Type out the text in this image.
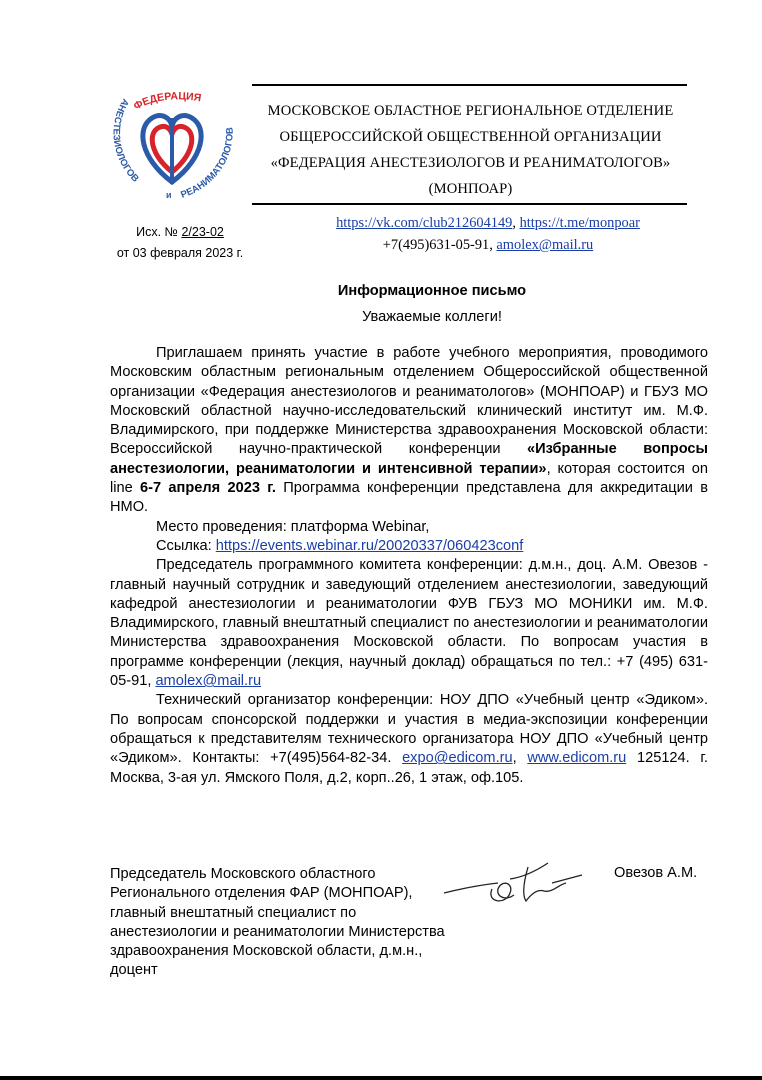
ФЕДЕРАЦИЯ
АНЕСТЕЗИОЛОГОВ
РЕАНИМАТОЛОГОВ
и
МОСКОВСКОЕ ОБЛАСТНОЕ РЕГИОНАЛЬНОЕ ОТДЕЛЕНИЕ
ОБЩЕРОССИЙСКОЙ ОБЩЕСТВЕННОЙ ОРГАНИЗАЦИИ
«ФЕДЕРАЦИЯ АНЕСТЕЗИОЛОГОВ И РЕАНИМАТОЛОГОВ»
(МОНПОАР)
Исх. № 2/23-02
от 03 февраля 2023 г.
https://vk.com/club212604149, https://t.me/monpoar
+7(495)631-05-91, amolex@mail.ru
Информационное письмо
Уважаемые коллеги!

Приглашаем принять участие в работе учебного мероприятия, проводимого Московским областным региональным отделением Общероссийской общественной организации «Федерация анестезиологов и реаниматологов» (МОНПОАР) и ГБУЗ МО Московский областной научно-исследовательский клинический институт им. М.Ф. Владимирского, при поддержке Министерства здравоохранения Московской области: Всероссийской научно-практической конференции «Избранные вопросы анестезиологии, реаниматологии и интенсивной терапии», которая состоится on line 6-7 апреля 2023 г. Программа конференции представлена для аккредитации в НМО.

Место проведения: платформа Webinar,
Ссылка: https://events.webinar.ru/20020337/060423conf

Председатель программного комитета конференции: д.м.н., доц. А.М. Овезов - главный научный сотрудник и заведующий отделением анестезиологии, заведующий кафедрой анестезиологии и реаниматологии ФУВ ГБУЗ МО МОНИКИ им. М.Ф. Владимирского, главный внештатный специалист по анестезиологии и реаниматологии Министерства здравоохранения Московской области. По вопросам участия в программе конференции (лекция, научный доклад) обращаться по тел.: +7 (495) 631-05-91, amolex@mail.ru

Технический организатор конференции: НОУ ДПО «Учебный центр «Эдиком». По вопросам спонсорской поддержки и участия в медиа-экспозиции конференции обращаться к представителям технического организатора НОУ ДПО «Учебный центр «Эдиком». Контакты: +7(495)564-82-34. expo@edicom.ru, www.edicom.ru 125124. г. Москва, 3-ая ул. Ямского Поля, д.2, корп..26, 1 этаж, оф.105.

Председатель Московского областного Регионального отделения ФАР (МОНПОАР), главный внештатный специалист по анестезиологии и реаниматологии Министерства здравоохранения Московской области, д.м.н., доцент
Овезов А.М.
